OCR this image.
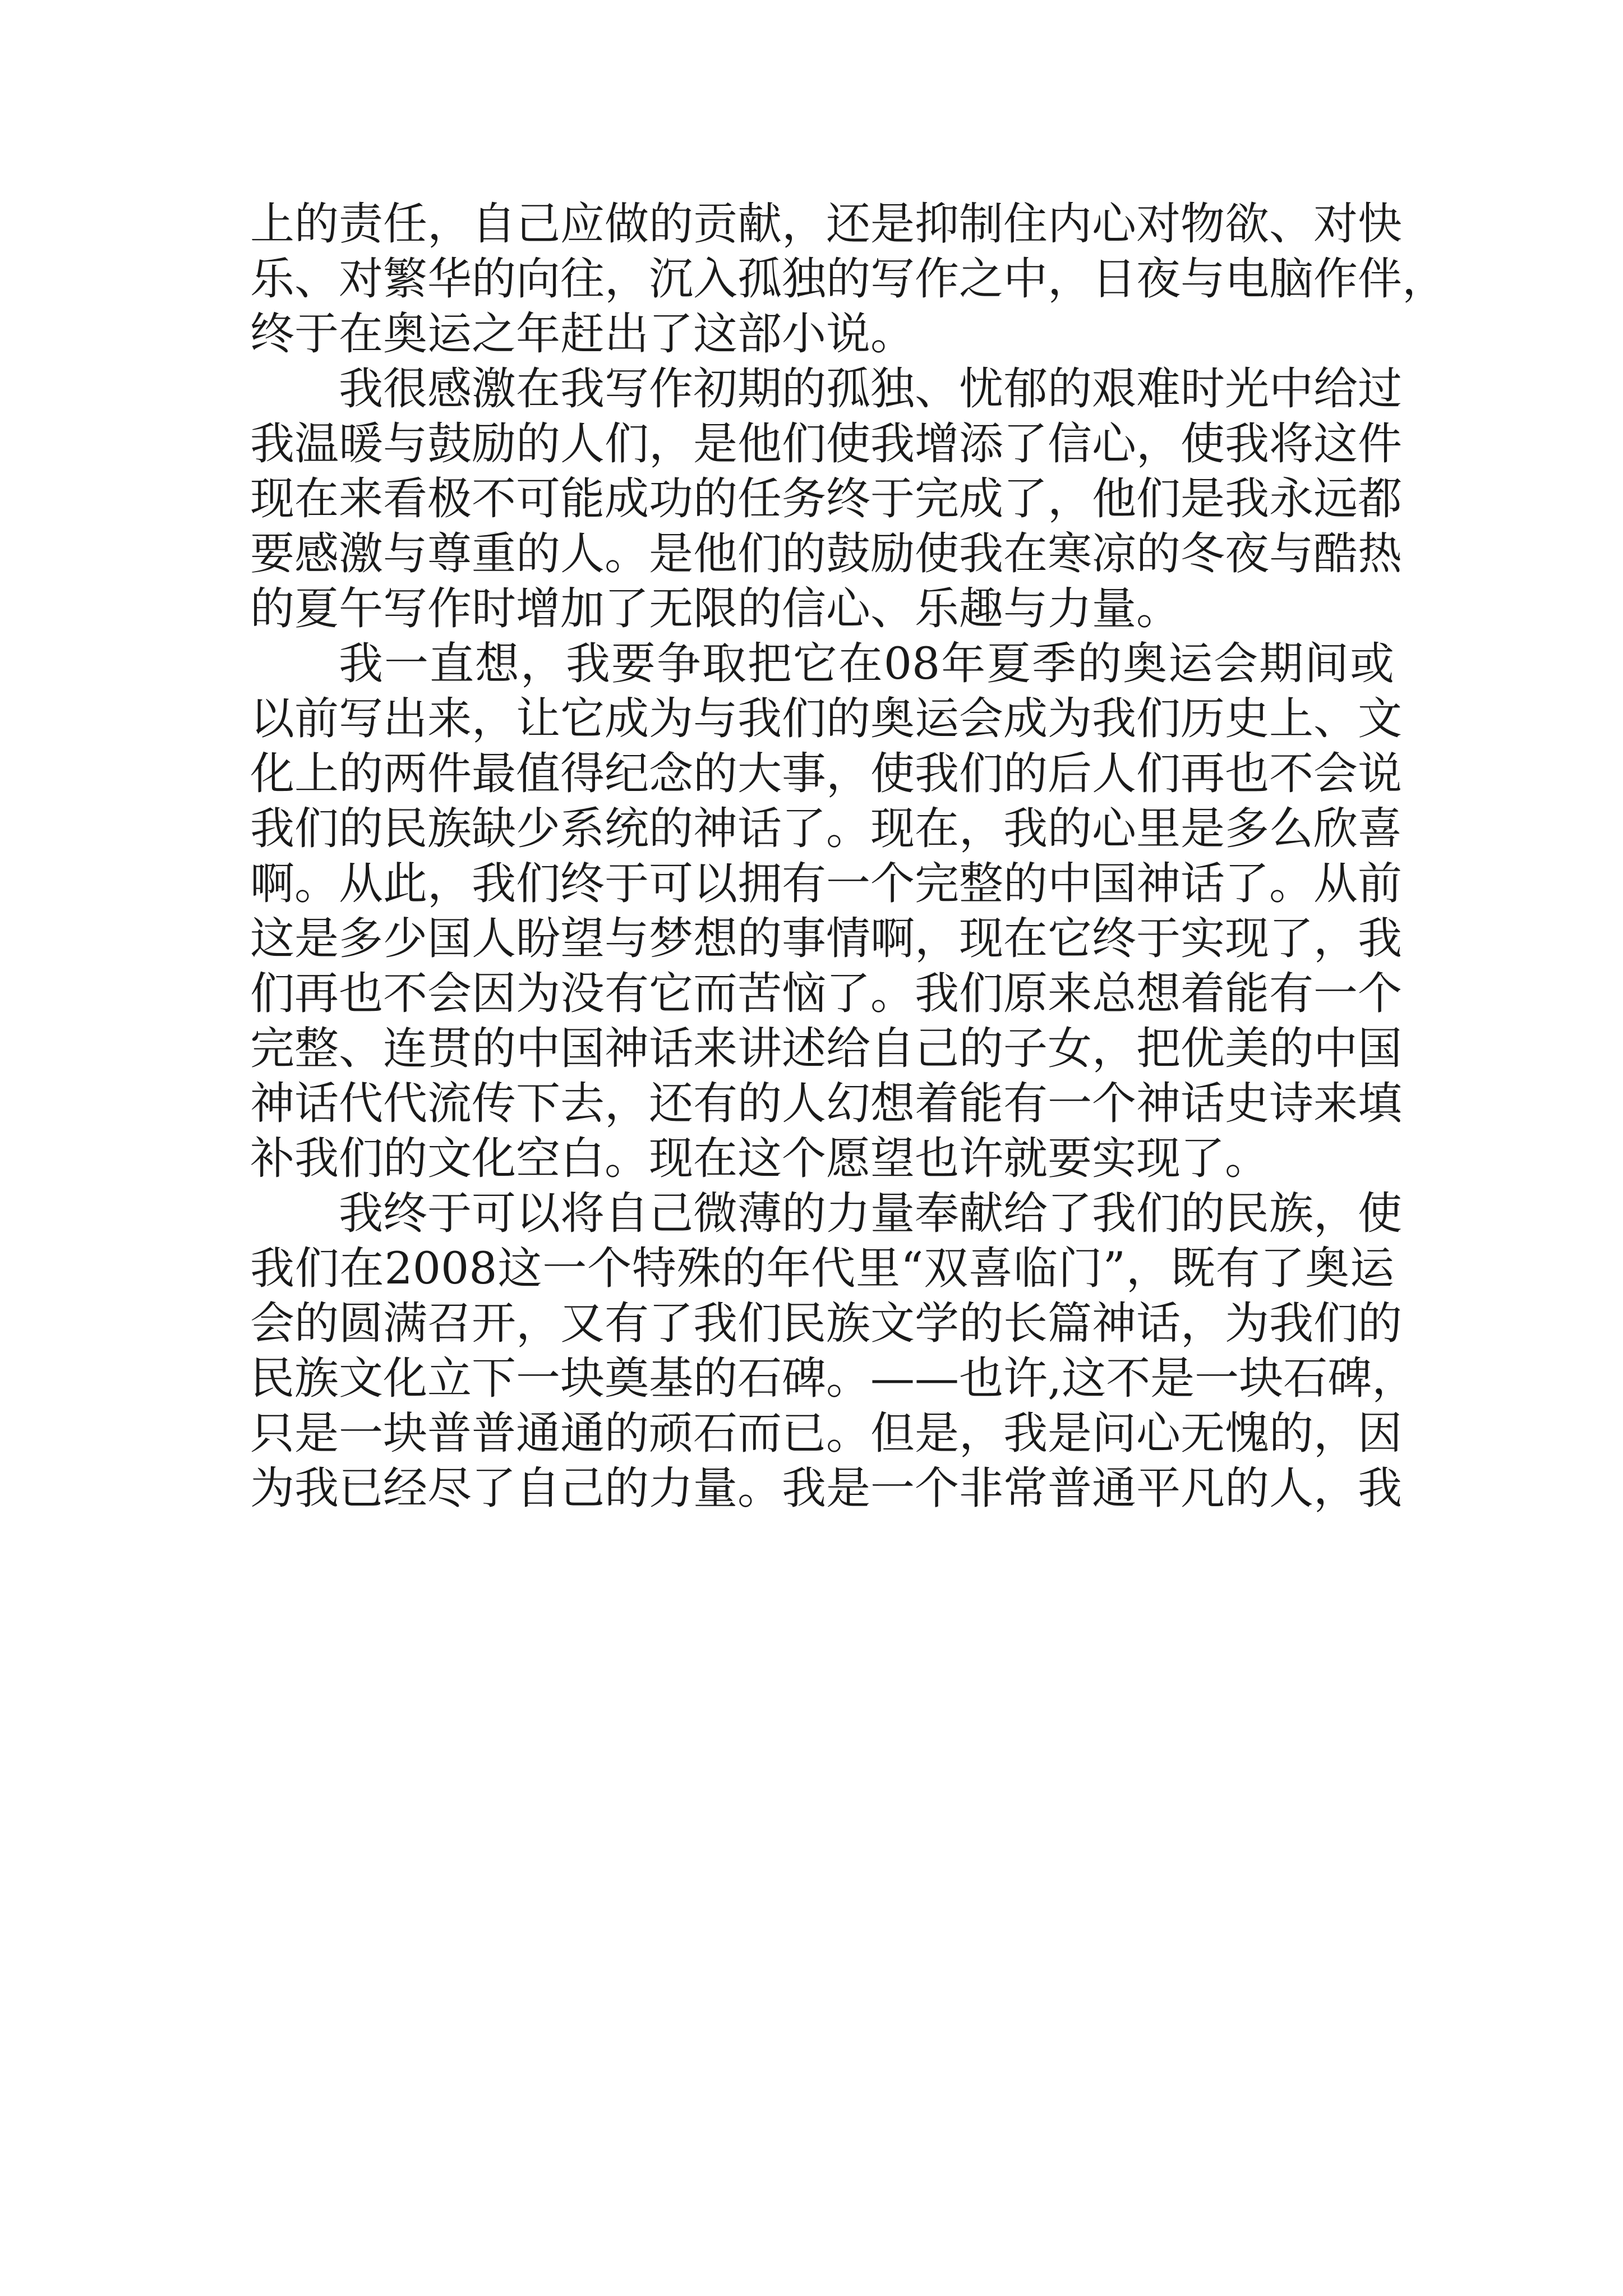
上的责任，自己应做的贡献，还是抑制住内心对物欲、对快
乐、对繁华的向往，沉入孤独的写作之中，日夜与电脑作伴，
终于在奥运之年赶出了这部小说。
我很感激在我写作初期的孤独、忧郁的艰难时光中给过
我温暖与鼓励的人们，是他们使我增添了信心，使我将这件
现在来看极不可能成功的任务终于完成了，他们是我永远都
要感激与尊重的人。是他们的鼓励使我在寒凉的冬夜与酷热
的夏午写作时增加了无限的信心、乐趣与力量。
我一直想，我要争取把它在08年夏季的奥运会期间或
以前写出来，让它成为与我们的奥运会成为我们历史上、文
化上的两件最值得纪念的大事，使我们的后人们再也不会说
我们的民族缺少系统的神话了。现在，我的心里是多么欣喜
啊。从此，我们终于可以拥有一个完整的中国神话了。从前
这是多少国人盼望与梦想的事情啊，现在它终于实现了，我
们再也不会因为没有它而苦恼了。我们原来总想着能有一个
完整、连贯的中国神话来讲述给自己的子女，把优美的中国
神话代代流传下去，还有的人幻想着能有一个神话史诗来填
补我们的文化空白。现在这个愿望也许就要实现了。
我终于可以将自己微薄的力量奉献给了我们的民族，使
我们在2008这一个特殊的年代里“双喜临门”，既有了奥运
会的圆满召开，又有了我们民族文学的长篇神话，为我们的
民族文化立下一块奠基的石碑。——也许,这不是一块石碑，
只是一块普普通通的顽石而已。但是，我是问心无愧的，因
为我已经尽了自己的力量。我是一个非常普通平凡的人，我
